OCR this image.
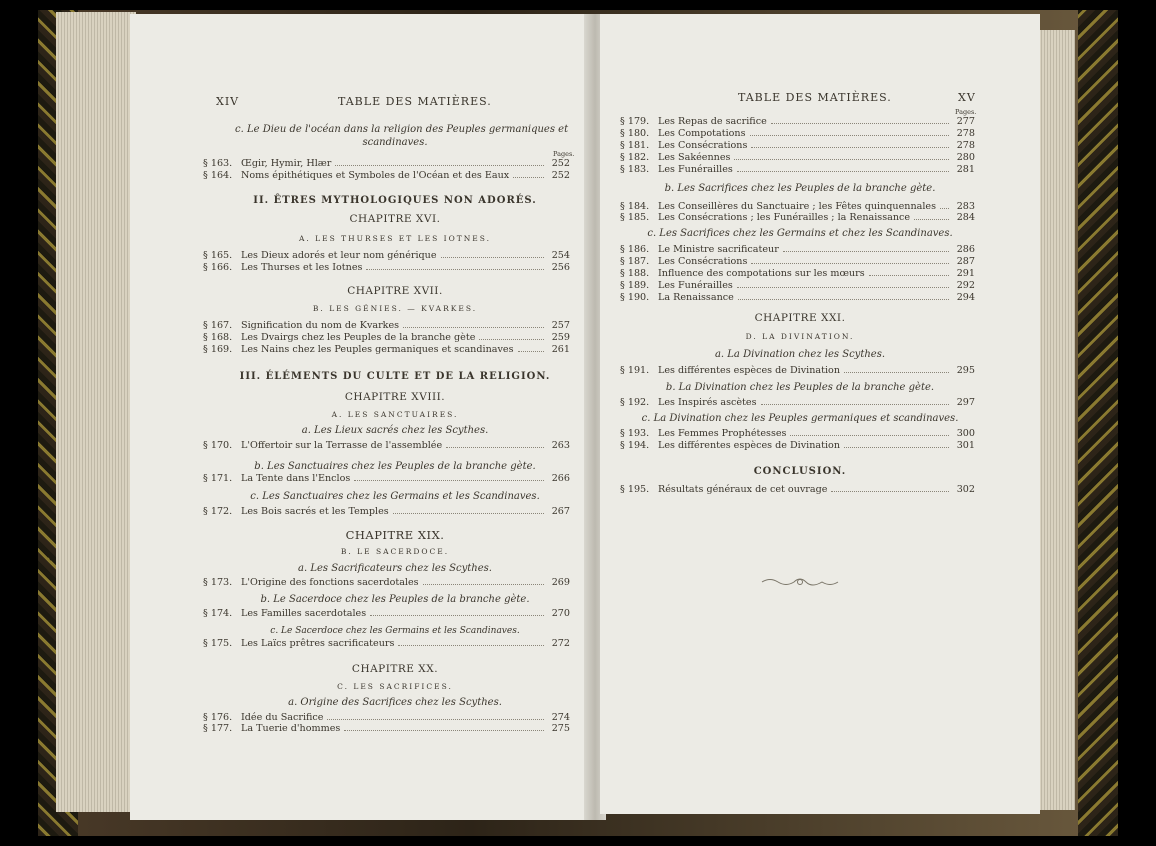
XIV	TABLE DES MATIÈRES.
c. Le Dieu de l'océan dans la religion des Peuples germaniques et
scandinaves.
Pages.
II. ÊTRES MYTHOLOGIQUES NON ADORÉS.
CHAPITRE XVI.
A. LES THURSES ET LES IOTNES.
CHAPITRE XVII.
B. LES GÉNIES. — KVARKES.
III. ÉLÉMENTS DU CULTE ET DE LA RELIGION.
CHAPITRE XVIII.
A. LES SANCTUAIRES.
a. Les Lieux sacrés chez les Scythes.
b. Les Sanctuaires chez les Peuples de la branche gète.
c. Les Sanctuaires chez les Germains et les Scandinaves.
CHAPITRE XIX.
B. LE SACERDOCE.
a. Les Sacrificateurs chez les Scythes.
b. Le Sacerdoce chez les Peuples de la branche gète.
c. Le Sacerdoce chez les Germains et les Scandinaves.
CHAPITRE XX.
C. LES SACRIFICES.
a. Origine des Sacrifices chez les Scythes.
TABLE DES MATIÈRES.	XV
Pages.
b. Les Sacrifices chez les Peuples de la branche gète.
c. Les Sacrifices chez les Germains et chez les Scandinaves.
CHAPITRE XXI.
D. LA DIVINATION.
a. La Divination chez les Scythes.
b. La Divination chez les Peuples de la branche gète.
c. La Divination chez les Peuples germaniques et scandinaves.
CONCLUSION.
§ 163. Œgir, Hymir, Hlær	252
§ 164. Noms épithétiques et Symboles de l'Océan et des Eaux	252
§ 165. Les Dieux adorés et leur nom générique	254
§ 166. Les Thurses et les Iotnes	256
§ 167. Signification du nom de Kvarkes	257
§ 168. Les Dvairgs chez les Peuples de la branche gète	259
§ 169. Les Nains chez les Peuples germaniques et scandinaves	261
§ 170. L'Offertoir sur la Terrasse de l'assemblée	263
§ 171. La Tente dans l'Enclos	266
§ 172. Les Bois sacrés et les Temples	267
§ 173. L'Origine des fonctions sacerdotales	269
§ 174. Les Familles sacerdotales	270
§ 175. Les Laïcs prêtres sacrificateurs	272
§ 176. Idée du Sacrifice	274
§ 177. La Tuerie d'hommes	275
§ 179. Les Repas de sacrifice	277
§ 180. Les Compotations	278
§ 181. Les Consécrations	278
§ 182. Les Sakéennes	280
§ 183. Les Funérailles	281
§ 184. Les Conseillères du Sanctuaire ; les Fêtes quinquennales 283
§ 185. Les Consécrations ; les Funérailles ; la Renaissance	284
§ 186. Le Ministre sacrificateur	286
§ 187. Les Consécrations	287
§ 188. Influence des compotations sur les mœurs	291
§ 189. Les Funérailles	292
§ 190. La Renaissance	294
§ 191. Les différentes espèces de Divination	295
§ 192. Les Inspirés ascètes	297
§ 193. Les Femmes Prophétesses	300
§ 194. Les différentes espèces de Divination	301
§ 195. Résultats généraux de cet ouvrage	302
